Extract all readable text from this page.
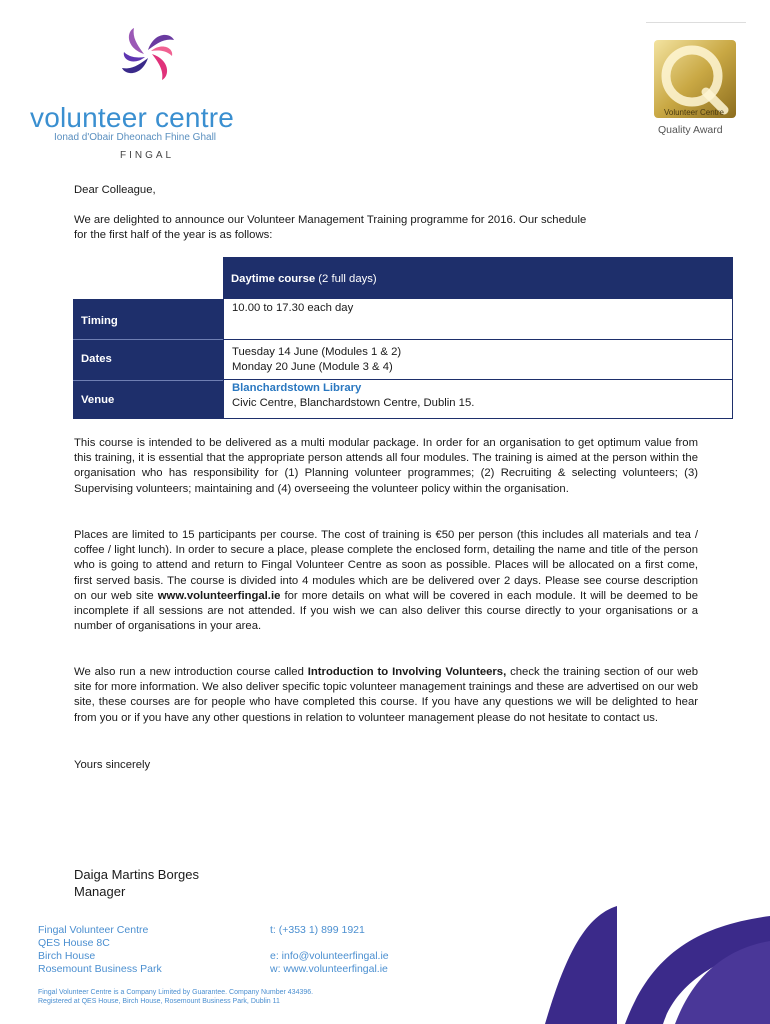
volunteer centre
Ionad d'Obair Dheonach Fhine Ghall
FINGAL
Volunteer Centre
Quality Award
Dear Colleague,
We are delighted to announce our Volunteer Management Training programme for 2016. Our schedule
for the first half of the year is as follows:
Daytime course (2 full days)
Timing
10.00 to 17.30 each day
Dates
Tuesday 14 June (Modules 1 & 2)
Monday 20 June (Module 3 & 4)
Venue
Blanchardstown Library
Civic Centre, Blanchardstown Centre, Dublin 15.
This course is intended to be delivered as a multi modular package. In order for an organisation to get optimum value from this training, it is essential that the appropriate person attends all four modules. The training is aimed at the person within the organisation who has responsibility for (1) Planning volunteer programmes; (2) Recruiting & selecting volunteers; (3) Supervising volunteers; maintaining and (4) overseeing the volunteer policy within the organisation.
Places are limited to 15 participants per course. The cost of training is €50 per person (this includes all materials and tea / coffee / light lunch). In order to secure a place, please complete the enclosed form, detailing the name and title of the person who is going to attend and return to Fingal Volunteer Centre as soon as possible. Places will be allocated on a first come, first served basis. The course is divided into 4 modules which are be delivered over 2 days. Please see course description on our web site www.volunteerfingal.ie for more details on what will be covered in each module. It will be deemed to be incomplete if all sessions are not attended. If you wish we can also deliver this course directly to your organisations or a number of organisations in your area.
We also run a new introduction course called Introduction to Involving Volunteers, check the training section of our web site for more information. We also deliver specific topic volunteer management trainings and these are advertised on our web site, these courses are for people who have completed this course. If you have any questions we will be delighted to hear from you or if you have any other questions in relation to volunteer management please do not hesitate to contact us.
Yours sincerely
Daiga Martins Borges
Manager
Fingal Volunteer Centre
QES House 8C
Birch House
Rosemount Business Park
t: (+353 1) 899 1921
e: info@volunteerfingal.ie
w: www.volunteerfingal.ie
Fingal Volunteer Centre is a Company Limited by Guarantee. Company Number 434396.
Registered at QES House, Birch House, Rosemount Business Park, Dublin 11
